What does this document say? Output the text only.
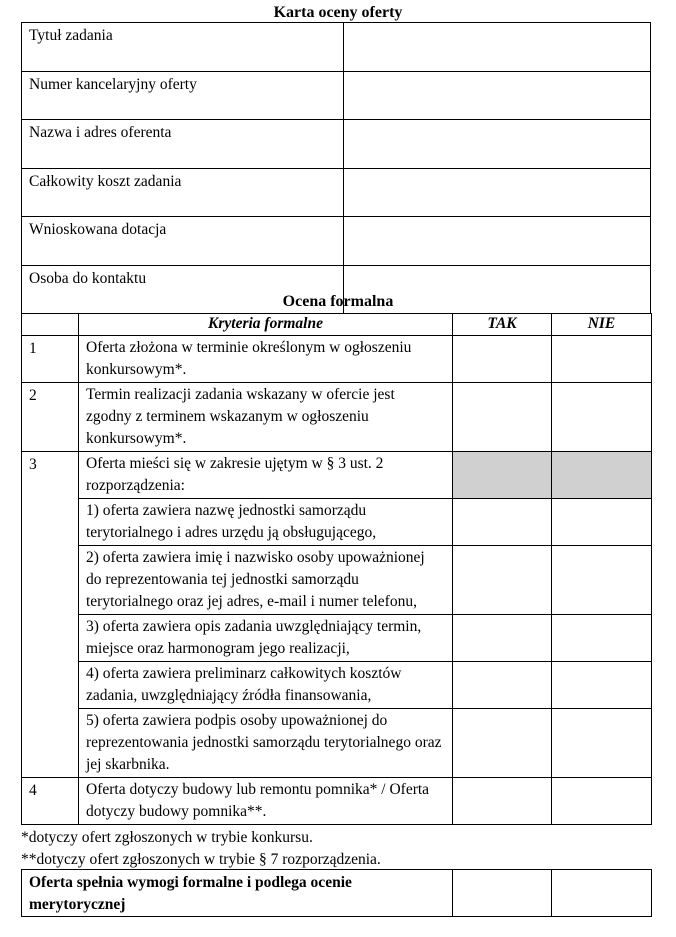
Karta oceny oferty
Tytuł zadania	
Numer kancelaryjny oferty	
Nazwa i adres oferenta	
Całkowity koszt zadania	
Wnioskowana dotacja	
Osoba do kontaktu	
Ocena formalna
	Kryteria formalne	TAK	NIE
1	Oferta złożona w terminie określonym w ogłoszeniu konkursowym*.		
2	Termin realizacji zadania wskazany w ofercie jest zgodny z terminem wskazanym w ogłoszeniu konkursowym*.		
3	Oferta mieści się w zakresie ujętym w § 3 ust. 2 rozporządzenia:		
	1) oferta zawiera nazwę jednostki samorządu terytorialnego i adres urzędu ją obsługującego,		
	2) oferta zawiera imię i nazwisko osoby upoważnionej do reprezentowania tej jednostki samorządu terytorialnego oraz jej adres, e-mail i numer telefonu,		
	3) oferta zawiera opis zadania uwzględniający termin, miejsce oraz harmonogram jego realizacji,		
	4) oferta zawiera preliminarz całkowitych kosztów zadania, uwzględniający źródła finansowania,		
	5) oferta zawiera podpis osoby upoważnionej do reprezentowania jednostki samorządu terytorialnego oraz jej skarbnika.		
4	Oferta dotyczy budowy lub remontu pomnika* / Oferta dotyczy budowy pomnika**.		
*dotyczy ofert zgłoszonych w trybie konkursu.
**dotyczy ofert zgłoszonych w trybie § 7 rozporządzenia.
Oferta spełnia wymogi formalne i podlega ocenie merytorycznej		
